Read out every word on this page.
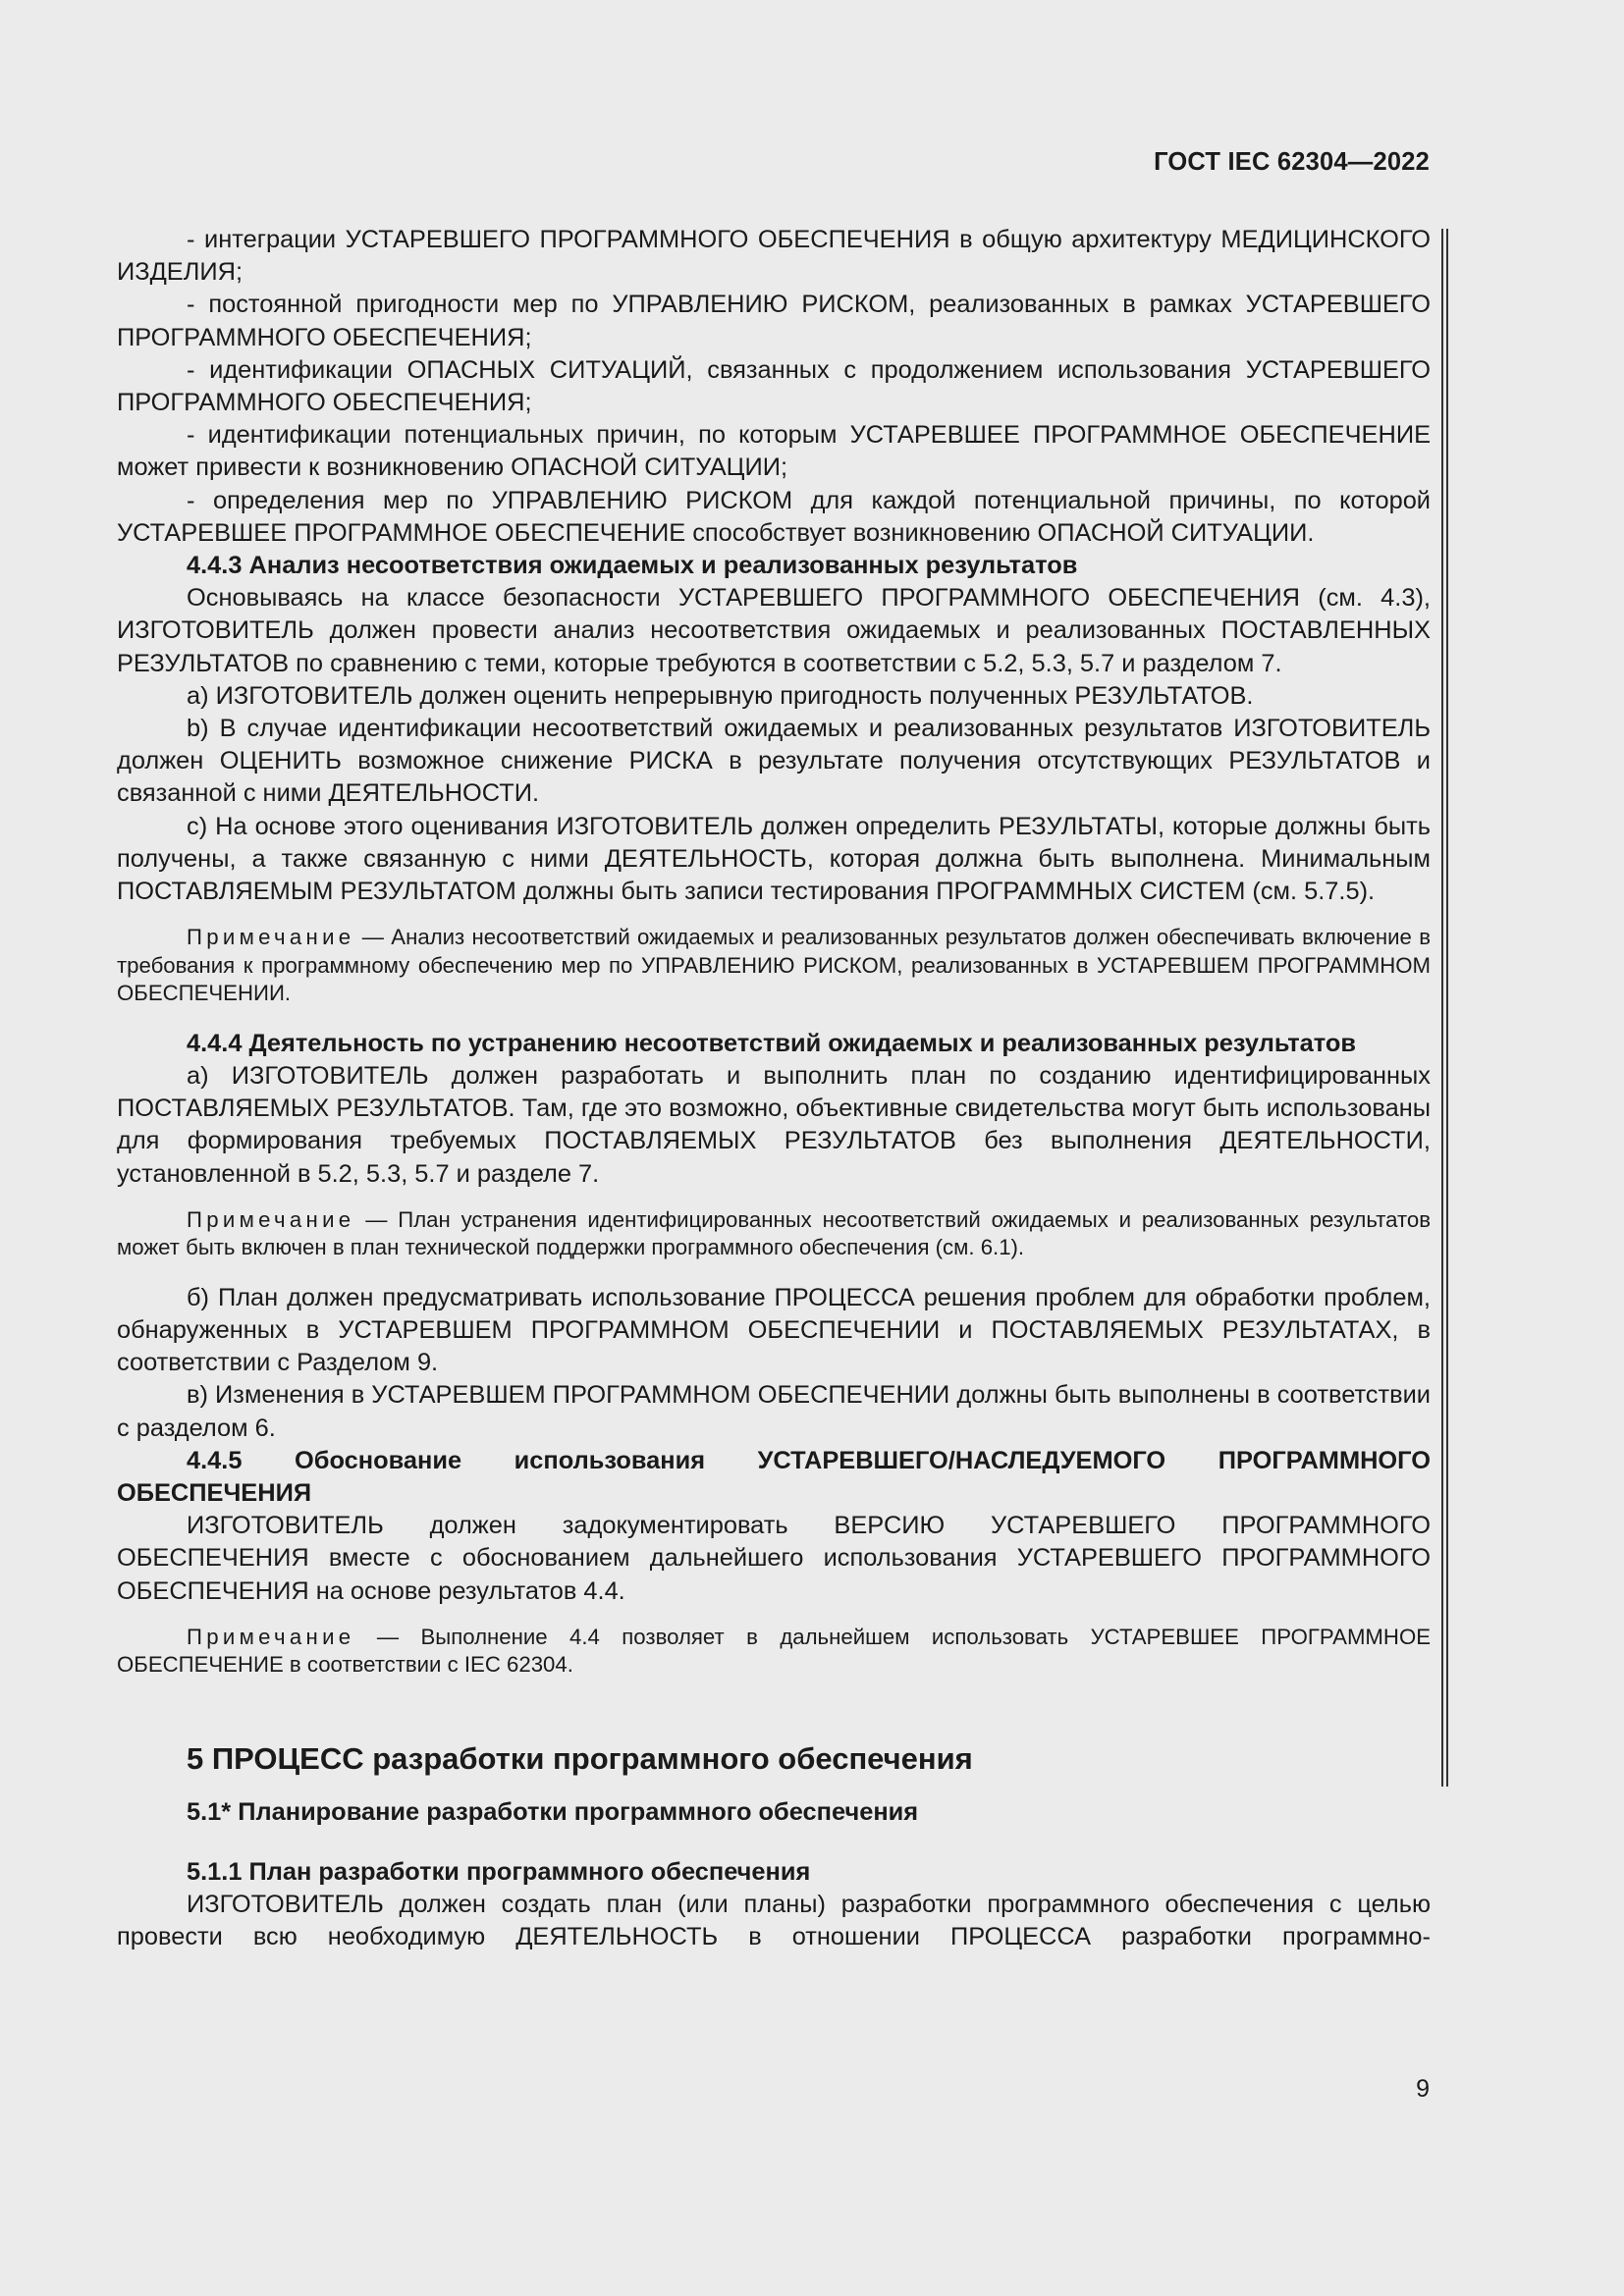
ГОСТ IEC 62304—2022

- интеграции УСТАРЕВШЕГО ПРОГРАММНОГО ОБЕСПЕЧЕНИЯ в общую архитектуру МЕДИЦИНСКОГО ИЗДЕЛИЯ;

- постоянной пригодности мер по УПРАВЛЕНИЮ РИСКОМ, реализованных в рамках УСТАРЕВШЕГО ПРОГРАММНОГО ОБЕСПЕЧЕНИЯ;

- идентификации ОПАСНЫХ СИТУАЦИЙ, связанных с продолжением использования УСТАРЕВШЕГО ПРОГРАММНОГО ОБЕСПЕЧЕНИЯ;

- идентификации потенциальных причин, по которым УСТАРЕВШЕЕ ПРОГРАММНОЕ ОБЕСПЕЧЕНИЕ может привести к возникновению ОПАСНОЙ СИТУАЦИИ;

- определения мер по УПРАВЛЕНИЮ РИСКОМ для каждой потенциальной причины, по которой УСТАРЕВШЕЕ ПРОГРАММНОЕ ОБЕСПЕЧЕНИЕ способствует возникновению ОПАСНОЙ СИТУАЦИИ.

4.4.3 Анализ несоответствия ожидаемых и реализованных результатов

Основываясь на классе безопасности УСТАРЕВШЕГО ПРОГРАММНОГО ОБЕСПЕЧЕНИЯ (см. 4.3), ИЗГОТОВИТЕЛЬ должен провести анализ несоответствия ожидаемых и реализованных ПОСТАВЛЕННЫХ РЕЗУЛЬТАТОВ по сравнению с теми, которые требуются в соответствии с 5.2, 5.3, 5.7 и разделом 7.

а) ИЗГОТОВИТЕЛЬ должен оценить непрерывную пригодность полученных РЕЗУЛЬТАТОВ.

b) В случае идентификации несоответствий ожидаемых и реализованных результатов ИЗГОТОВИТЕЛЬ должен ОЦЕНИТЬ возможное снижение РИСКА в результате получения отсутствующих РЕЗУЛЬТАТОВ и связанной с ними ДЕЯТЕЛЬНОСТИ.

с) На основе этого оценивания ИЗГОТОВИТЕЛЬ должен определить РЕЗУЛЬТАТЫ, которые должны быть получены, а также связанную с ними ДЕЯТЕЛЬНОСТЬ, которая должна быть выполнена. Минимальным ПОСТАВЛЯЕМЫМ РЕЗУЛЬТАТОМ должны быть записи тестирования ПРОГРАММНЫХ СИСТЕМ (см. 5.7.5).

Примечание — Анализ несоответствий ожидаемых и реализованных результатов должен обеспечивать включение в требования к программному обеспечению мер по УПРАВЛЕНИЮ РИСКОМ, реализованных в УСТАРЕВШЕМ ПРОГРАММНОМ ОБЕСПЕЧЕНИИ.

4.4.4 Деятельность по устранению несоответствий ожидаемых и реализованных результатов

а) ИЗГОТОВИТЕЛЬ должен разработать и выполнить план по созданию идентифицированных ПОСТАВЛЯЕМЫХ РЕЗУЛЬТАТОВ. Там, где это возможно, объективные свидетельства могут быть использованы для формирования требуемых ПОСТАВЛЯЕМЫХ РЕЗУЛЬТАТОВ без выполнения ДЕЯТЕЛЬНОСТИ, установленной в 5.2, 5.3, 5.7 и разделе 7.

Примечание — План устранения идентифицированных несоответствий ожидаемых и реализованных результатов может быть включен в план технической поддержки программного обеспечения (см. 6.1).

б) План должен предусматривать использование ПРОЦЕССА решения проблем для обработки проблем, обнаруженных в УСТАРЕВШЕМ ПРОГРАММНОМ ОБЕСПЕЧЕНИИ и ПОСТАВЛЯЕМЫХ РЕЗУЛЬТАТАХ, в соответствии с Разделом 9.

в) Изменения в УСТАРЕВШЕМ ПРОГРАММНОМ ОБЕСПЕЧЕНИИ должны быть выполнены в соответствии с разделом 6.

4.4.5 Обоснование использования УСТАРЕВШЕГО/НАСЛЕДУЕМОГО ПРОГРАММНОГО ОБЕСПЕЧЕНИЯ

ИЗГОТОВИТЕЛЬ должен задокументировать ВЕРСИЮ УСТАРЕВШЕГО ПРОГРАММНОГО ОБЕСПЕЧЕНИЯ вместе с обоснованием дальнейшего использования УСТАРЕВШЕГО ПРОГРАММНОГО ОБЕСПЕЧЕНИЯ на основе результатов 4.4.

Примечание — Выполнение 4.4 позволяет в дальнейшем использовать УСТАРЕВШЕЕ ПРОГРАММНОЕ ОБЕСПЕЧЕНИЕ в соответствии с IEC 62304.

5 ПРОЦЕСС разработки программного обеспечения

5.1* Планирование разработки программного обеспечения

5.1.1 План разработки программного обеспечения

ИЗГОТОВИТЕЛЬ должен создать план (или планы) разработки программного обеспечения с целью провести всю необходимую ДЕЯТЕЛЬНОСТЬ в отношении ПРОЦЕССА разработки программно-

9
